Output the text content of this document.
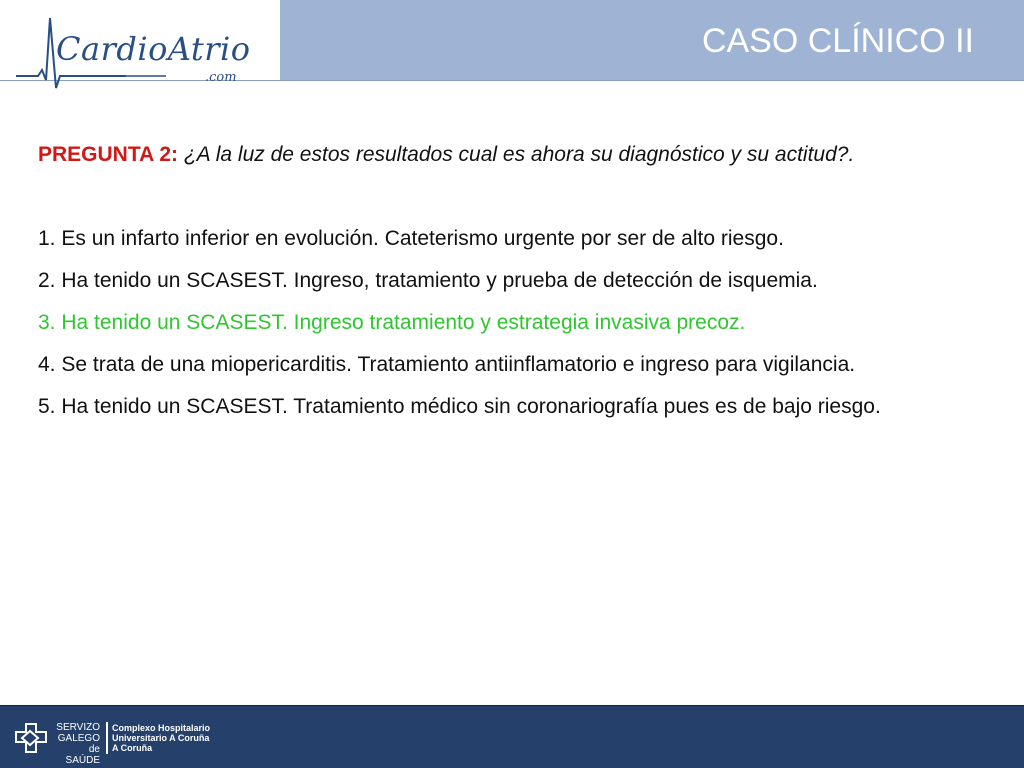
CardioAtrio
.com
CASO CLÍNICO II

PREGUNTA 2: ¿A la luz de estos resultados cual es ahora su diagnóstico y su actitud?.

1. Es un infarto inferior en evolución. Cateterismo urgente por ser de alto riesgo.

2. Ha tenido un SCASEST. Ingreso, tratamiento y prueba de detección de isquemia.

3. Ha tenido un SCASEST. Ingreso tratamiento y estrategia invasiva precoz.

4. Se trata de una miopericarditis. Tratamiento antiinflamatorio e ingreso para vigilancia.

5. Ha tenido un SCASEST. Tratamiento médico sin coronariografía pues es de bajo riesgo.

SERVIZO
GALEGO
de SAÚDE
Complexo Hospitalario
Universitario A Coruña
A Coruña
